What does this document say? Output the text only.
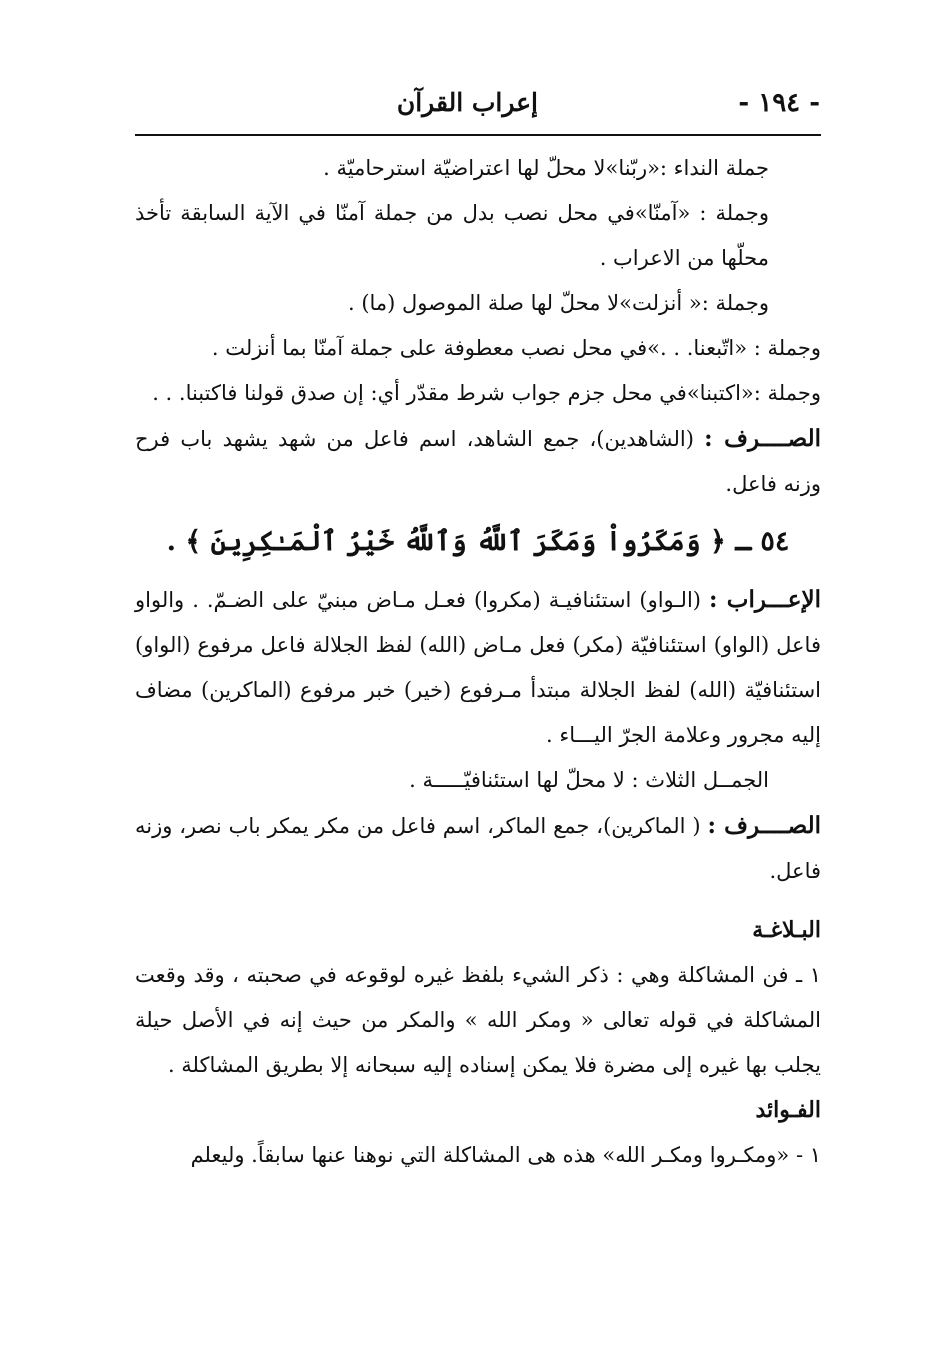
- ١٩٤ -
إعراب القرآن

جملة النداء :«ربّنا»لا محلّ لها اعتراضيّة استرحاميّة .

وجملة : «آمنّا»في محل نصب بدل من جملة آمنّا في الآية السابقة تأخذ محلّها من الاعراب .

وجملة :« أنزلت»لا محلّ لها صلة الموصول (ما) .

وجملة : «اتّبعنا. . .»في محل نصب معطوفة على جملة آمنّا بما أنزلت .

وجملة :«اكتبنا»في محل جزم جواب شرط مقدّر أي: إن صدق قولنا فاكتبنا. . .

الصــــرف : (الشاهدين)، جمع الشاهد، اسم فاعل من شهد يشهد باب فرح وزنه فاعل.

٥٤ ـ ﴿ وَمَكَرُواْ وَمَكَرَ ٱللَّهُ وَٱللَّهُ خَيْرُ ٱلْمَـٰكِرِينَ ﴾ .

الإعـــراب : (الـواو) استئنافيـة (مكروا) فعـل مـاض مبنيّ على الضـمّ. . والواو فاعل (الواو) استئنافيّة (مكر) فعل مـاض (الله) لفظ الجلالة فاعل مرفوع (الواو) استئنافيّة (الله) لفظ الجلالة مبتدأ مـرفوع (خير) خبر مرفوع (الماكرين) مضاف إليه مجرور وعلامة الجرّ اليـــاء .

الجمــل الثلاث : لا محلّ لها استئنافيّـــــة .

الصــــرف : ( الماكرين)، جمع الماكر، اسم فاعل من مكر يمكر باب نصر، وزنه فاعل.

البـلاغـة

١ ـ فن المشاكلة وهي : ذكر الشيء بلفظ غيره لوقوعه في صحبته ، وقد وقعت المشاكلة في قوله تعالى « ومكر الله » والمكر من حيث إنه في الأصل حيلة يجلب بها غيره إلى مضرة فلا يمكن إسناده إليه سبحانه إلا بطريق المشاكلة .

الفـوائد

١ - «ومكـروا ومكـر الله» هذه هى المشاكلة التي نوهنا عنها سابقاً. وليعلم
